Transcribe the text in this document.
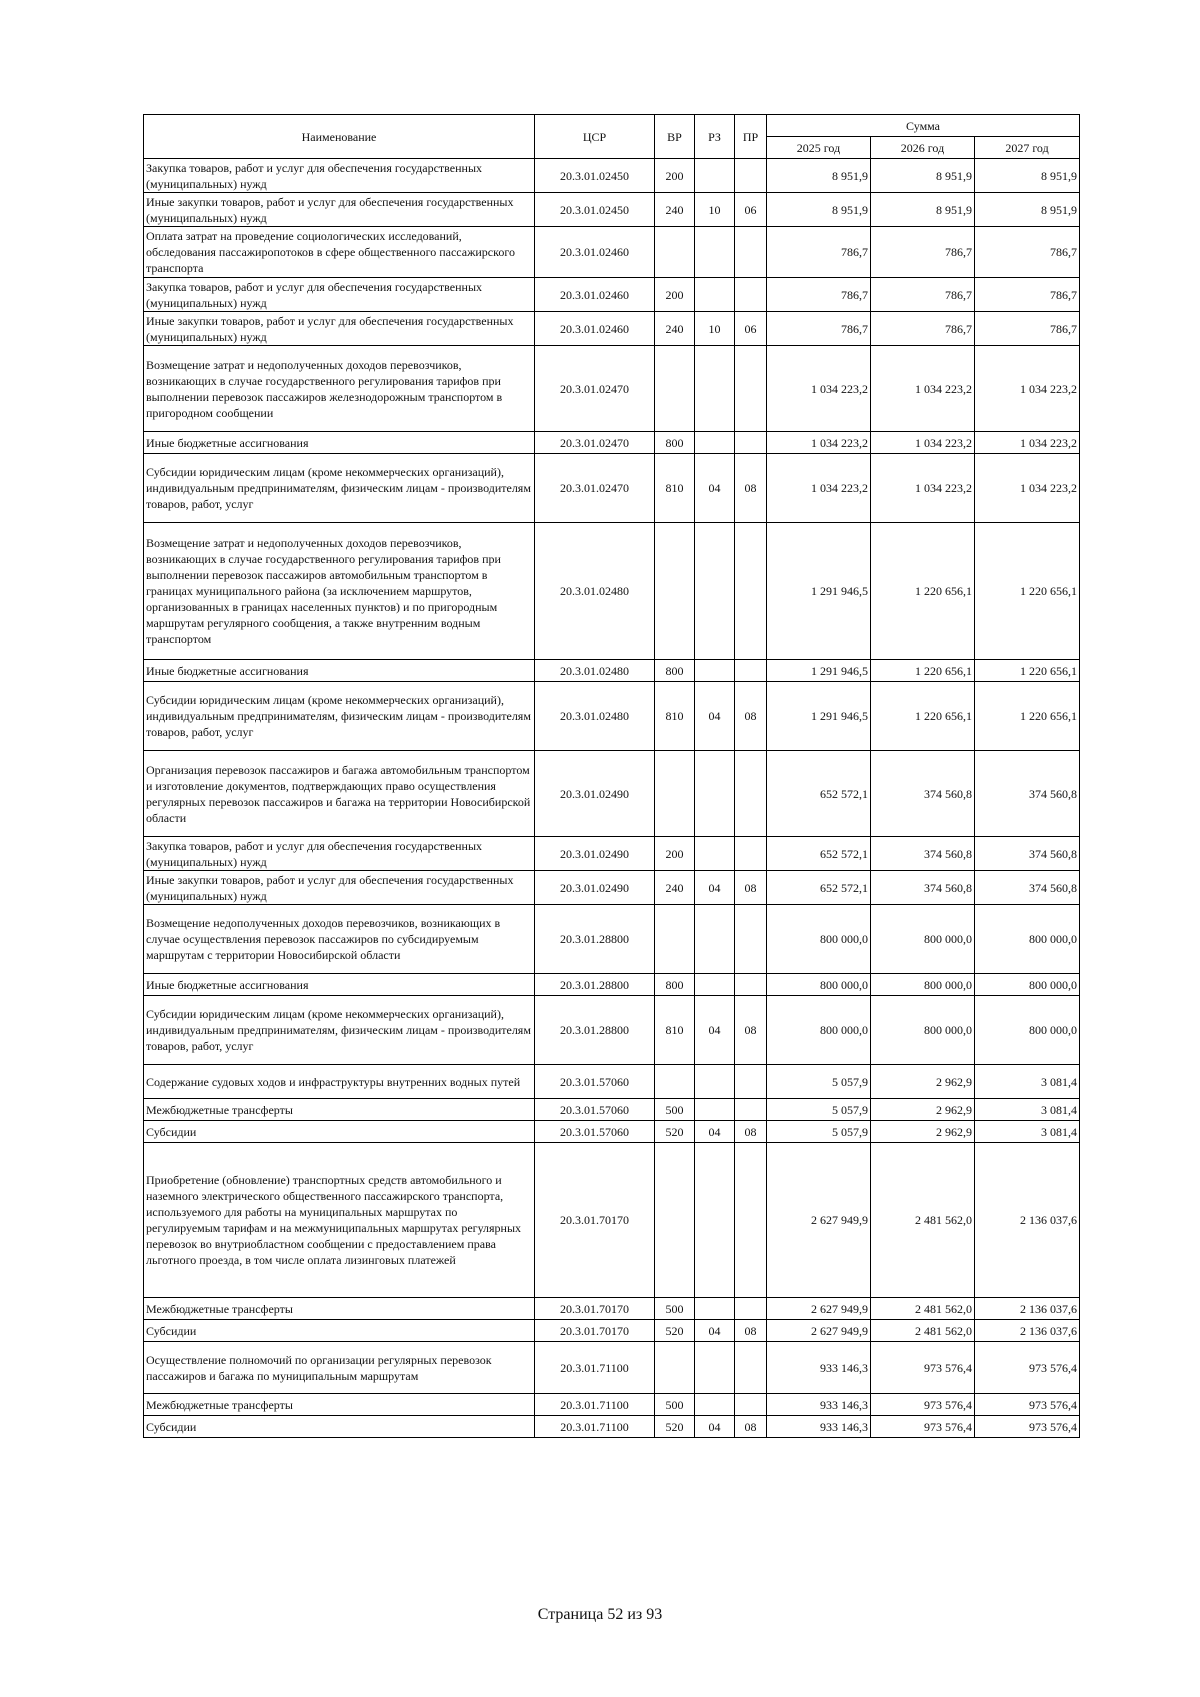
Наименование	ЦСР	ВР	РЗ	ПР	Сумма		
					2025 год	2026 год	2027 год
Закупка товаров, работ и услуг для обеспечения государственных (муниципальных) нужд	20.3.01.02450	200			8 951,9	8 951,9	8 951,9
Иные закупки товаров, работ и услуг для обеспечения государственных (муниципальных) нужд	20.3.01.02450	240	10	06	8 951,9	8 951,9	8 951,9
Оплата затрат на проведение социологических исследований, обследования пассажиропотоков в сфере общественного пассажирского транспорта	20.3.01.02460				786,7	786,7	786,7
Закупка товаров, работ и услуг для обеспечения государственных (муниципальных) нужд	20.3.01.02460	200			786,7	786,7	786,7
Иные закупки товаров, работ и услуг для обеспечения государственных (муниципальных) нужд	20.3.01.02460	240	10	06	786,7	786,7	786,7
Возмещение затрат и недополученных доходов перевозчиков, возникающих в случае государственного регулирования тарифов при выполнении перевозок пассажиров железнодорожным транспортом в пригородном сообщении	20.3.01.02470				1 034 223,2	1 034 223,2	1 034 223,2
Иные бюджетные ассигнования	20.3.01.02470	800			1 034 223,2	1 034 223,2	1 034 223,2
Субсидии юридическим лицам (кроме некоммерческих организаций), индивидуальным предпринимателям, физическим лицам - производителям товаров, работ, услуг	20.3.01.02470	810	04	08	1 034 223,2	1 034 223,2	1 034 223,2
Возмещение затрат и недополученных доходов перевозчиков, возникающих в случае государственного регулирования тарифов при выполнении перевозок пассажиров автомобильным транспортом в границах муниципального района (за исключением маршрутов, организованных в границах населенных пунктов) и по пригородным маршрутам регулярного сообщения, а также внутренним водным транспортом	20.3.01.02480				1 291 946,5	1 220 656,1	1 220 656,1
Иные бюджетные ассигнования	20.3.01.02480	800			1 291 946,5	1 220 656,1	1 220 656,1
Субсидии юридическим лицам (кроме некоммерческих организаций), индивидуальным предпринимателям, физическим лицам - производителям товаров, работ, услуг	20.3.01.02480	810	04	08	1 291 946,5	1 220 656,1	1 220 656,1
Организация перевозок пассажиров и багажа автомобильным транспортом и изготовление документов, подтверждающих право осуществления регулярных перевозок пассажиров и багажа на территории Новосибирской области	20.3.01.02490				652 572,1	374 560,8	374 560,8
Закупка товаров, работ и услуг для обеспечения государственных (муниципальных) нужд	20.3.01.02490	200			652 572,1	374 560,8	374 560,8
Иные закупки товаров, работ и услуг для обеспечения государственных (муниципальных) нужд	20.3.01.02490	240	04	08	652 572,1	374 560,8	374 560,8
Возмещение недополученных доходов перевозчиков, возникающих в случае осуществления перевозок пассажиров по субсидируемым маршрутам с территории Новосибирской области	20.3.01.28800				800 000,0	800 000,0	800 000,0
Иные бюджетные ассигнования	20.3.01.28800	800			800 000,0	800 000,0	800 000,0
Субсидии юридическим лицам (кроме некоммерческих организаций), индивидуальным предпринимателям, физическим лицам - производителям товаров, работ, услуг	20.3.01.28800	810	04	08	800 000,0	800 000,0	800 000,0
Содержание судовых ходов и инфраструктуры внутренних водных путей	20.3.01.57060				5 057,9	2 962,9	3 081,4
Межбюджетные трансферты	20.3.01.57060	500			5 057,9	2 962,9	3 081,4
Субсидии	20.3.01.57060	520	04	08	5 057,9	2 962,9	3 081,4
Приобретение (обновление) транспортных средств автомобильного и наземного электрического общественного пассажирского транспорта, используемого для работы на муниципальных маршрутах по регулируемым тарифам и на межмуниципальных маршрутах регулярных перевозок во внутриобластном сообщении с предоставлением права льготного проезда, в том числе оплата лизинговых платежей	20.3.01.70170				2 627 949,9	2 481 562,0	2 136 037,6
Межбюджетные трансферты	20.3.01.70170	500			2 627 949,9	2 481 562,0	2 136 037,6
Субсидии	20.3.01.70170	520	04	08	2 627 949,9	2 481 562,0	2 136 037,6
Осуществление полномочий по организации регулярных перевозок пассажиров и багажа по муниципальным маршрутам	20.3.01.71100				933 146,3	973 576,4	973 576,4
Межбюджетные трансферты	20.3.01.71100	500			933 146,3	973 576,4	973 576,4
Субсидии	20.3.01.71100	520	04	08	933 146,3	973 576,4	973 576,4
Страница 52 из 93
